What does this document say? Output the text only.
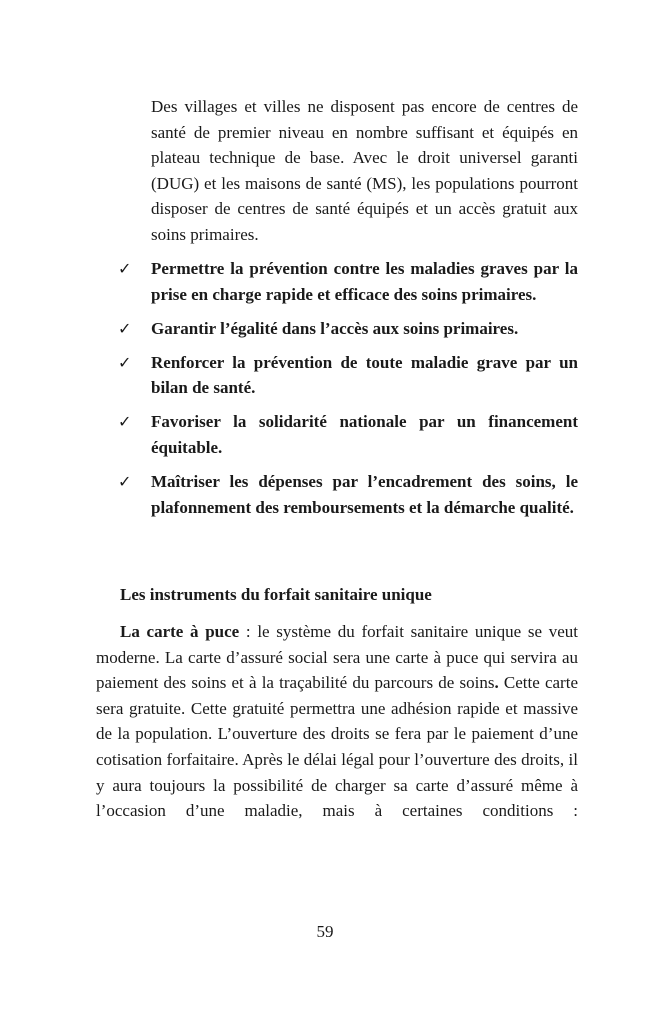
Des villages et villes ne disposent pas encore de centres de santé de premier niveau en nombre suffisant et équipés en plateau technique de base. Avec le droit universel garanti (DUG) et les maisons de santé (MS), les populations pourront disposer de centres de santé équipés et un accès gratuit aux soins primaires.

✓	Permettre la prévention contre les maladies graves par la prise en charge rapide et efficace des soins primaires.
✓	Garantir l’égalité dans l’accès aux soins primaires.
✓	Renforcer la prévention de toute maladie grave par un bilan de santé.
✓	Favoriser la solidarité nationale par un financement équitable.
✓	Maîtriser les dépenses par l’encadrement des soins, le plafonnement des remboursements et la démarche qualité.
Les instruments du forfait sanitaire unique

La carte à puce : le système du forfait sanitaire unique se veut moderne. La carte d’assuré social sera une carte à puce qui servira au paiement des soins et à la traçabilité du parcours de soins. Cette carte sera gratuite. Cette gratuité permettra une adhésion rapide et massive de la population. L’ouverture des droits se fera par le paiement d’une cotisation forfaitaire. Après le délai légal pour l’ouverture des droits, il y aura toujours la possibilité de charger sa carte d’assuré même à l’occasion d’une maladie, mais à certaines conditions :

59
